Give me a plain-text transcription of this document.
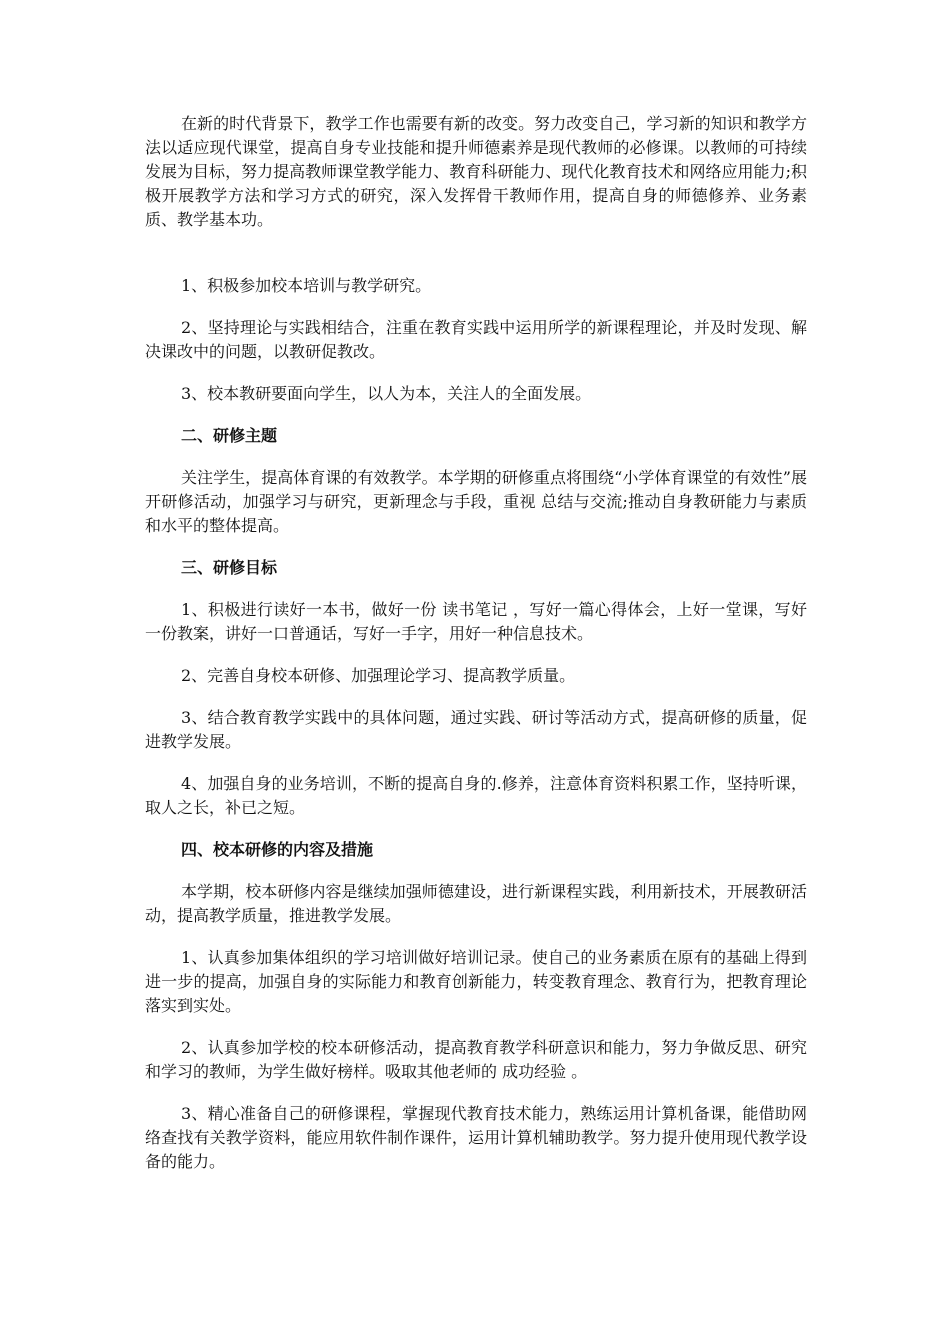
在新的时代背景下，教学工作也需要有新的改变。努力改变自己，学习新的知识和教学方法以适应现代课堂，提高自身专业技能和提升师德素养是现代教师的必修课。以教师的可持续发展为目标，努力提高教师课堂教学能力、教育科研能力、现代化教育技术和网络应用能力;积极开展教学方法和学习方式的研究，深入发挥骨干教师作用，提高自身的师德修养、业务素质、教学基本功。

1、积极参加校本培训与教学研究。

2、坚持理论与实践相结合，注重在教育实践中运用所学的新课程理论，并及时发现、解决课改中的问题，以教研促教改。

3、校本教研要面向学生，以人为本，关注人的全面发展。

二、研修主题

关注学生，提高体育课的有效教学。本学期的研修重点将围绕“小学体育课堂的有效性”展开研修活动，加强学习与研究，更新理念与手段，重视 总结与交流;推动自身教研能力与素质和水平的整体提高。

三、研修目标

1、积极进行读好一本书，做好一份 读书笔记 ，写好一篇心得体会，上好一堂课，写好一份教案，讲好一口普通话，写好一手字，用好一种信息技术。

2、完善自身校本研修、加强理论学习、提高教学质量。

3、结合教育教学实践中的具体问题，通过实践、研讨等活动方式，提高研修的质量，促进教学发展。

4、加强自身的业务培训，不断的提高自身的.修养，注意体育资料积累工作，坚持听课，取人之长，补已之短。

四、校本研修的内容及措施

本学期，校本研修内容是继续加强师德建设，进行新课程实践，利用新技术，开展教研活动，提高教学质量，推进教学发展。

1、认真参加集体组织的学习培训做好培训记录。使自己的业务素质在原有的基础上得到进一步的提高，加强自身的实际能力和教育创新能力，转变教育理念、教育行为，把教育理论落实到实处。

2、认真参加学校的校本研修活动，提高教育教学科研意识和能力，努力争做反思、研究和学习的教师，为学生做好榜样。吸取其他老师的 成功经验 。

3、精心准备自己的研修课程，掌握现代教育技术能力，熟练运用计算机备课，能借助网络查找有关教学资料，能应用软件制作课件，运用计算机辅助教学。努力提升使用现代教学设备的能力。
